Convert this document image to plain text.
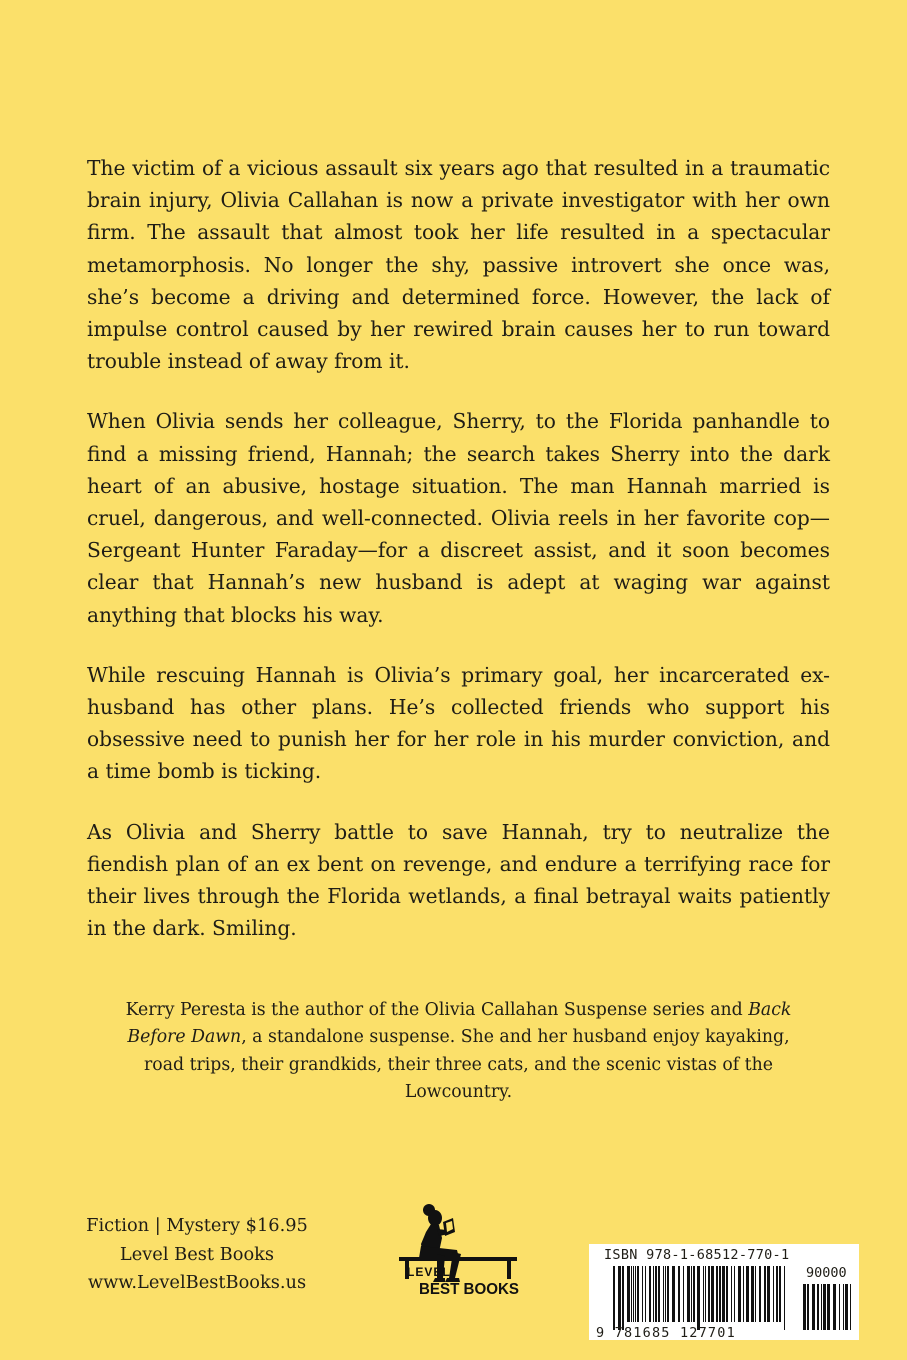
The victim of a vicious assault six years ago that resulted in a traumatic brain injury, Olivia Callahan is now a private investigator with her own firm. The assault that almost took her life resulted in a spectacular metamorphosis. No longer the shy, passive introvert she once was, she’s become a driving and determined force. However, the lack of impulse control caused by her rewired brain causes her to run toward trouble instead of away from it.

When Olivia sends her colleague, Sherry, to the Florida panhandle to find a missing friend, Hannah; the search takes Sherry into the dark heart of an abusive, hostage situation. The man Hannah married is cruel, dangerous, and well-connected. Olivia reels in her favorite cop—Sergeant Hunter Faraday—for a discreet assist, and it soon becomes clear that Hannah’s new husband is adept at waging war against anything that blocks his way.

While rescuing Hannah is Olivia’s primary goal, her incarcerated ex-husband has other plans. He’s collected friends who support his obsessive need to punish her for her role in his murder conviction, and a time bomb is ticking.

As Olivia and Sherry battle to save Hannah, try to neutralize the fiendish plan of an ex bent on revenge, and endure a terrifying race for their lives through the Florida wetlands, a final betrayal waits patiently in the dark. Smiling.

Kerry Peresta is the author of the Olivia Callahan Suspense series and Back Before Dawn, a standalone suspense. She and her husband enjoy kayaking, road trips, their grandkids, their three cats, and the scenic vistas of the Lowcountry.

Fiction | Mystery $16.95
Level Best Books
www.LevelBestBooks.us	LEVEL
BEST BOOKS
ISBN 978-1-68512-770-1
90000
9 781685 127701
